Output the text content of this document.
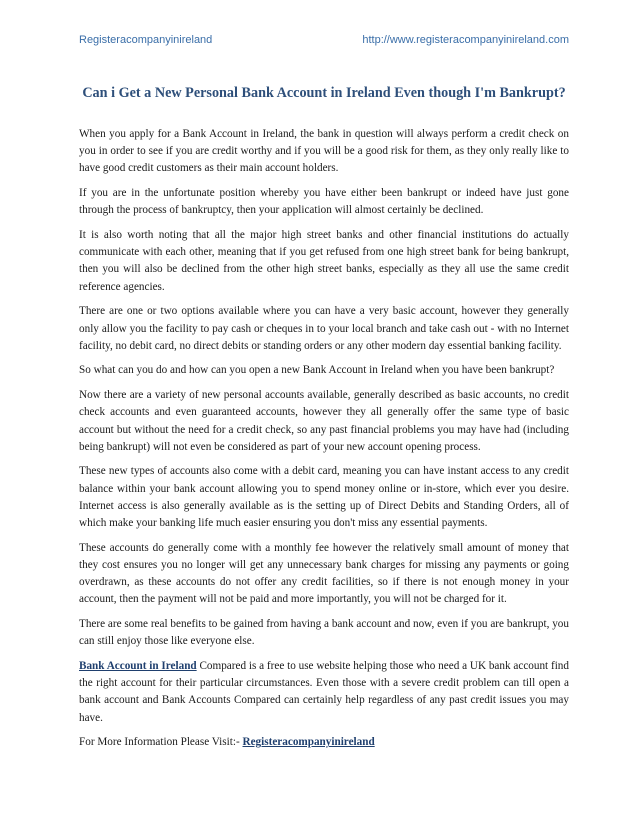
Registeracompanyinireland	http://www.registeracompanyinireland.com
Can i Get a New Personal Bank Account in Ireland Even though I'm Bankrupt?

When you apply for a Bank Account in Ireland, the bank in question will always perform a credit check on you in order to see if you are credit worthy and if you will be a good risk for them, as they only really like to have good credit customers as their main account holders.

If you are in the unfortunate position whereby you have either been bankrupt or indeed have just gone through the process of bankruptcy, then your application will almost certainly be declined.

It is also worth noting that all the major high street banks and other financial institutions do actually communicate with each other, meaning that if you get refused from one high street bank for being bankrupt, then you will also be declined from the other high street banks, especially as they all use the same credit reference agencies.

There are one or two options available where you can have a very basic account, however they generally only allow you the facility to pay cash or cheques in to your local branch and take cash out - with no Internet facility, no debit card, no direct debits or standing orders or any other modern day essential banking facility.

So what can you do and how can you open a new Bank Account in Ireland when you have been bankrupt?

Now there are a variety of new personal accounts available, generally described as basic accounts, no credit check accounts and even guaranteed accounts, however they all generally offer the same type of basic account but without the need for a credit check, so any past financial problems you may have had (including being bankrupt) will not even be considered as part of your new account opening process.

These new types of accounts also come with a debit card, meaning you can have instant access to any credit balance within your bank account allowing you to spend money online or in-store, which ever you desire. Internet access is also generally available as is the setting up of Direct Debits and Standing Orders, all of which make your banking life much easier ensuring you don't miss any essential payments.

These accounts do generally come with a monthly fee however the relatively small amount of money that they cost ensures you no longer will get any unnecessary bank charges for missing any payments or going overdrawn, as these accounts do not offer any credit facilities, so if there is not enough money in your account, then the payment will not be paid and more importantly, you will not be charged for it.

There are some real benefits to be gained from having a bank account and now, even if you are bankrupt, you can still enjoy those like everyone else.

Bank Account in Ireland Compared is a free to use website helping those who need a UK bank account find the right account for their particular circumstances. Even those with a severe credit problem can till open a bank account and Bank Accounts Compared can certainly help regardless of any past credit issues you may have.

For More Information Please Visit:- Registeracompanyinireland
